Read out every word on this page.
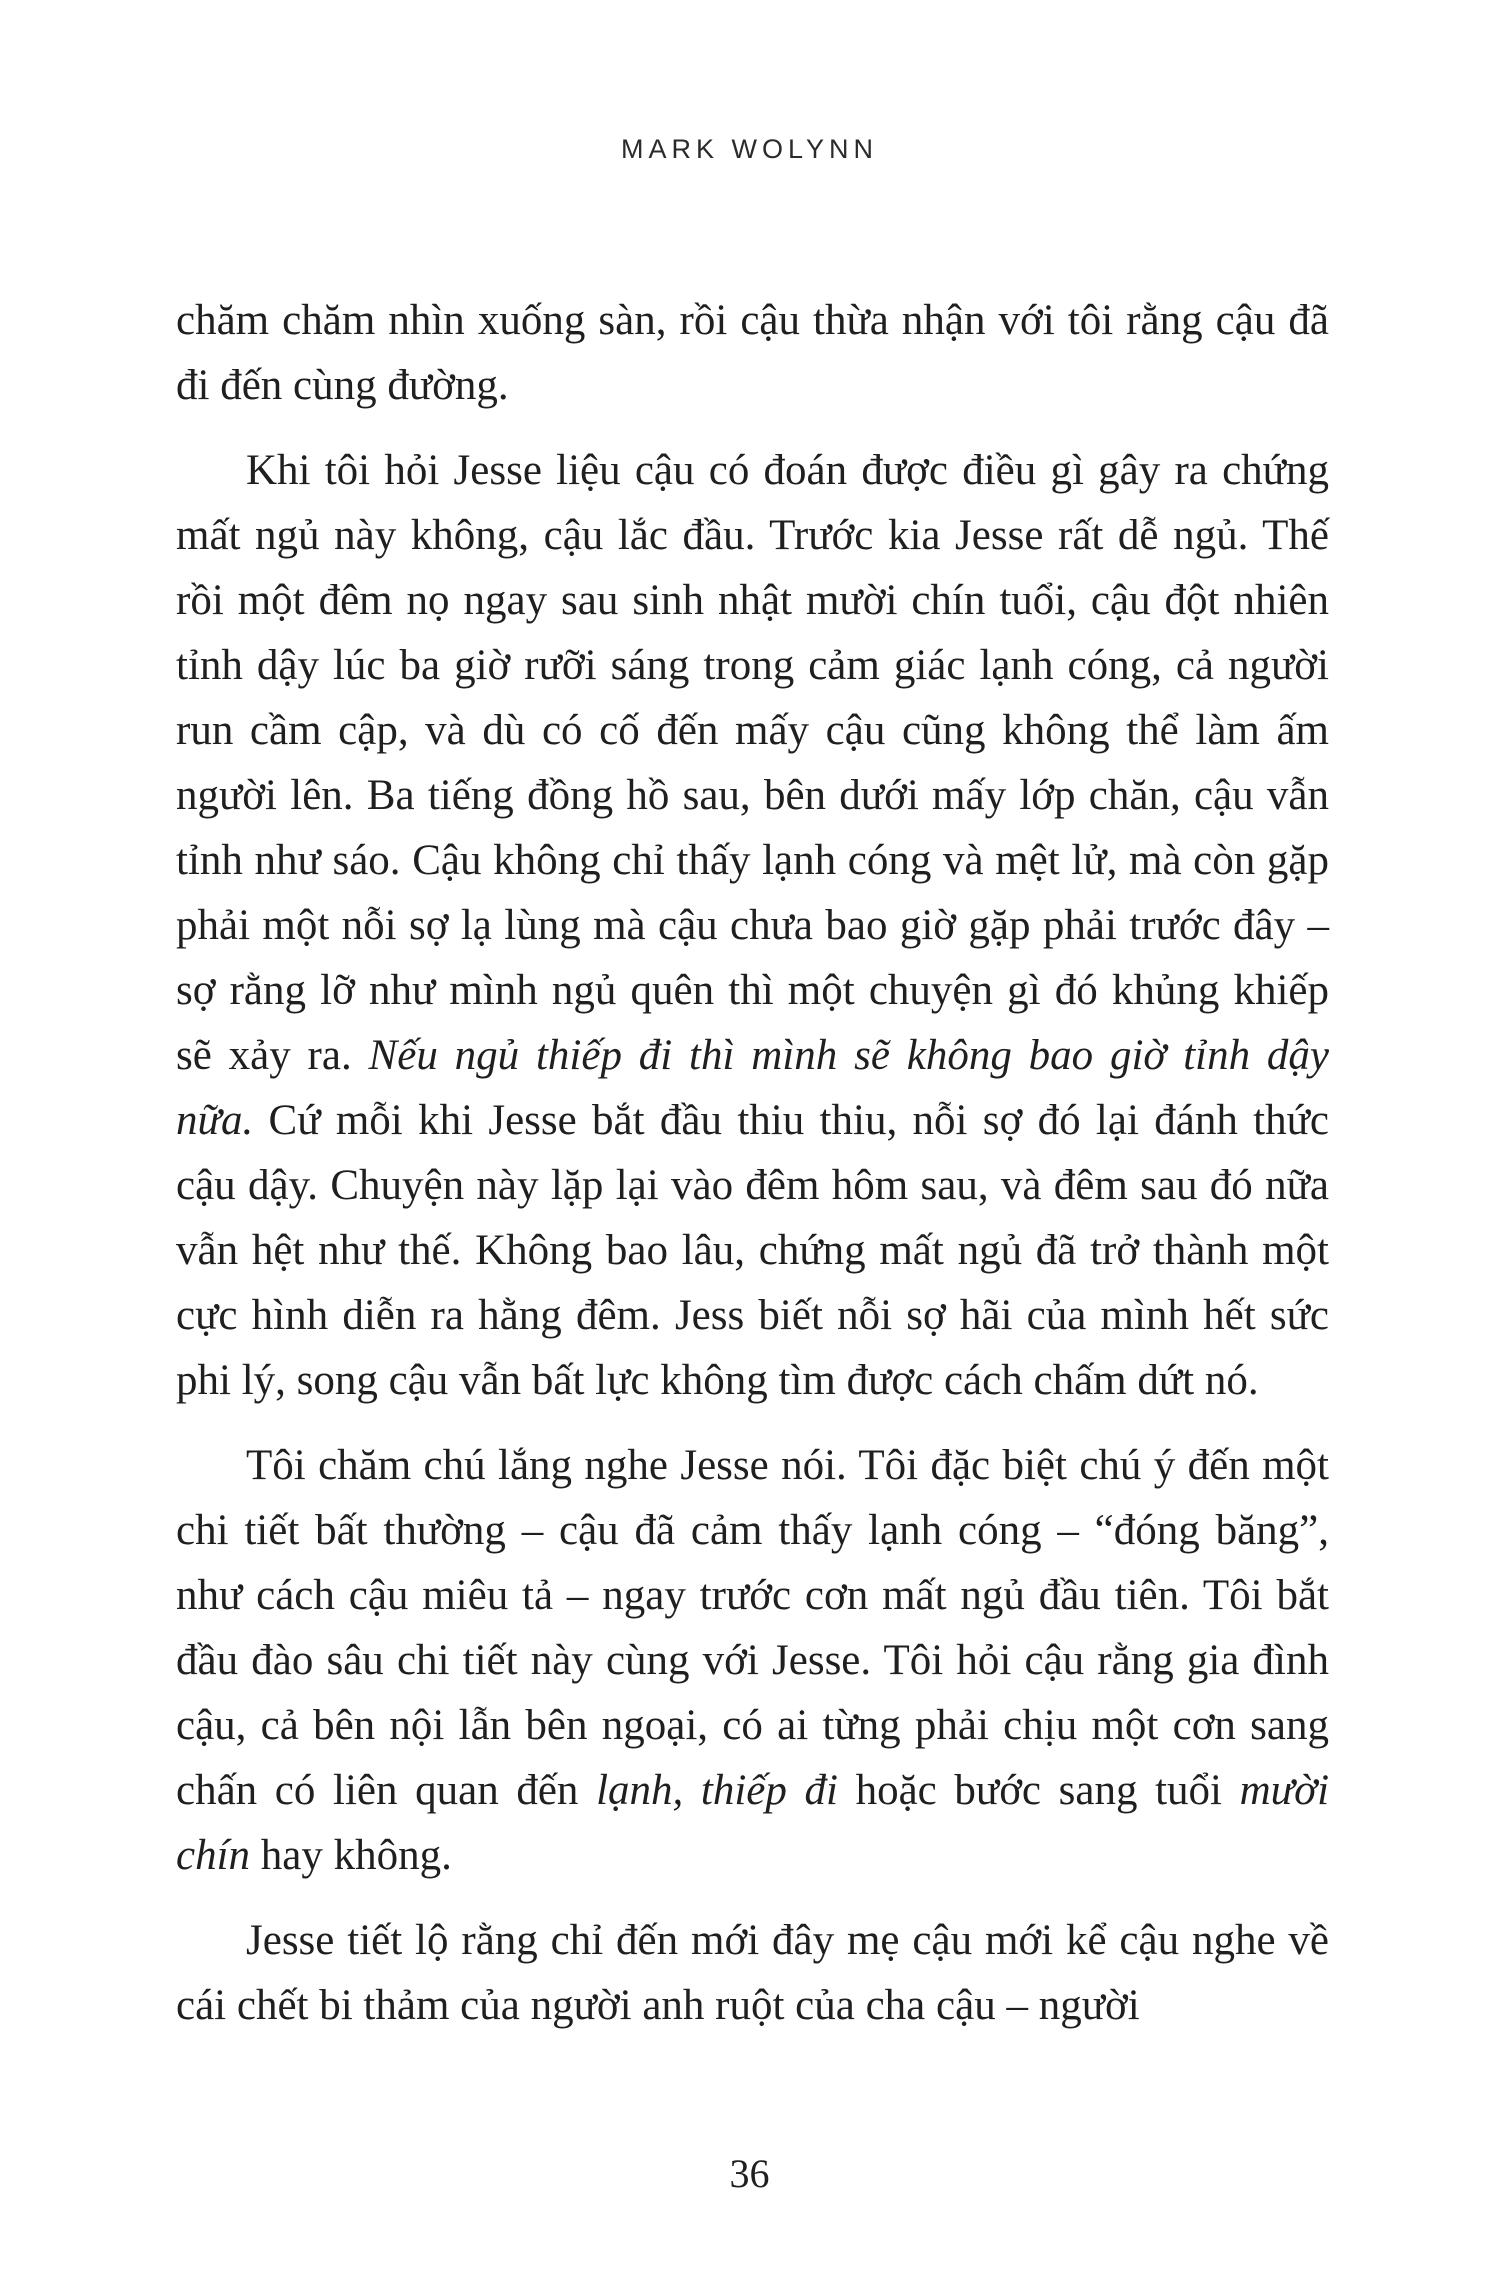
MARK WOLYNN

chăm chăm nhìn xuống sàn, rồi cậu thừa nhận với tôi rằng cậu đã đi đến cùng đường.

Khi tôi hỏi Jesse liệu cậu có đoán được điều gì gây ra chứng mất ngủ này không, cậu lắc đầu. Trước kia Jesse rất dễ ngủ. Thế rồi một đêm nọ ngay sau sinh nhật mười chín tuổi, cậu đột nhiên tỉnh dậy lúc ba giờ rưỡi sáng trong cảm giác lạnh cóng, cả người run cầm cập, và dù có cố đến mấy cậu cũng không thể làm ấm người lên. Ba tiếng đồng hồ sau, bên dưới mấy lớp chăn, cậu vẫn tỉnh như sáo. Cậu không chỉ thấy lạnh cóng và mệt lử, mà còn gặp phải một nỗi sợ lạ lùng mà cậu chưa bao giờ gặp phải trước đây – sợ rằng lỡ như mình ngủ quên thì một chuyện gì đó khủng khiếp sẽ xảy ra. Nếu ngủ thiếp đi thì mình sẽ không bao giờ tỉnh dậy nữa. Cứ mỗi khi Jesse bắt đầu thiu thiu, nỗi sợ đó lại đánh thức cậu dậy. Chuyện này lặp lại vào đêm hôm sau, và đêm sau đó nữa vẫn hệt như thế. Không bao lâu, chứng mất ngủ đã trở thành một cực hình diễn ra hằng đêm. Jess biết nỗi sợ hãi của mình hết sức phi lý, song cậu vẫn bất lực không tìm được cách chấm dứt nó.

Tôi chăm chú lắng nghe Jesse nói. Tôi đặc biệt chú ý đến một chi tiết bất thường – cậu đã cảm thấy lạnh cóng – “đóng băng”, như cách cậu miêu tả – ngay trước cơn mất ngủ đầu tiên. Tôi bắt đầu đào sâu chi tiết này cùng với Jesse. Tôi hỏi cậu rằng gia đình cậu, cả bên nội lẫn bên ngoại, có ai từng phải chịu một cơn sang chấn có liên quan đến lạnh, thiếp đi hoặc bước sang tuổi mười chín hay không.

Jesse tiết lộ rằng chỉ đến mới đây mẹ cậu mới kể cậu nghe về cái chết bi thảm của người anh ruột của cha cậu – người

36
